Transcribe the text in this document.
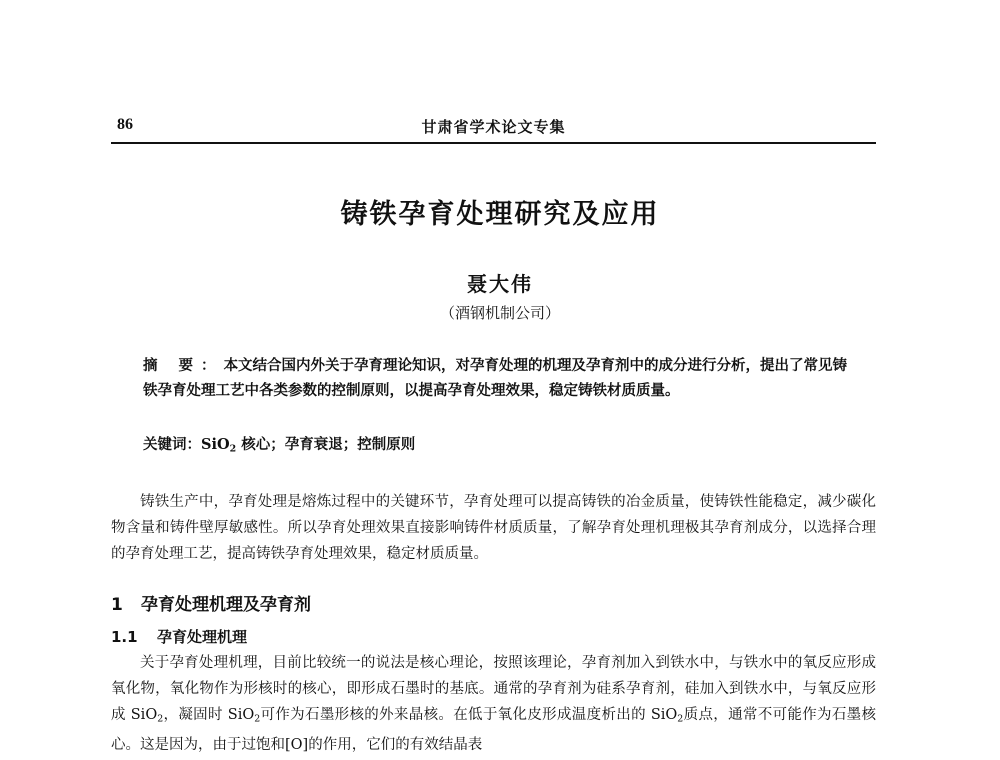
86	甘肃省学术论文专集
铸铁孕育处理研究及应用
聂大伟
（酒钢机制公司）
摘 要：本文结合国内外关于孕育理论知识，对孕育处理的机理及孕育剂中的成分进行分析，提出了常见铸铁孕育处理工艺中各类参数的控制原则，以提高孕育处理效果，稳定铸铁材质质量。
关键词：SiO$_2$ 核心；孕育衰退；控制原则
铸铁生产中，孕育处理是熔炼过程中的关键环节，孕育处理可以提高铸铁的冶金质量，使铸铁性能稳定，减少碳化物含量和铸件壁厚敏感性。所以孕育处理效果直接影响铸件材质质量，了解孕育处理机理极其孕育剂成分，以选择合理的孕育处理工艺，提高铸铁孕育处理效果，稳定材质质量。
1 孕育处理机理及孕育剂
1.1 孕育处理机理
关于孕育处理机理，目前比较统一的说法是核心理论，按照该理论，孕育剂加入到铁水中，与铁水中的氧反应形成氧化物，氧化物作为形核时的核心，即形成石墨时的基底。通常的孕育剂为硅系孕育剂，硅加入到铁水中，与氧反应形成 SiO$_2$，凝固时 SiO$_2$可作为石墨形核的外来晶核。在低于氧化皮形成温度析出的 SiO$_2$质点，通常不可能作为石墨核心。这是因为，由于过饱和[O]的作用，它们的有效结晶表
